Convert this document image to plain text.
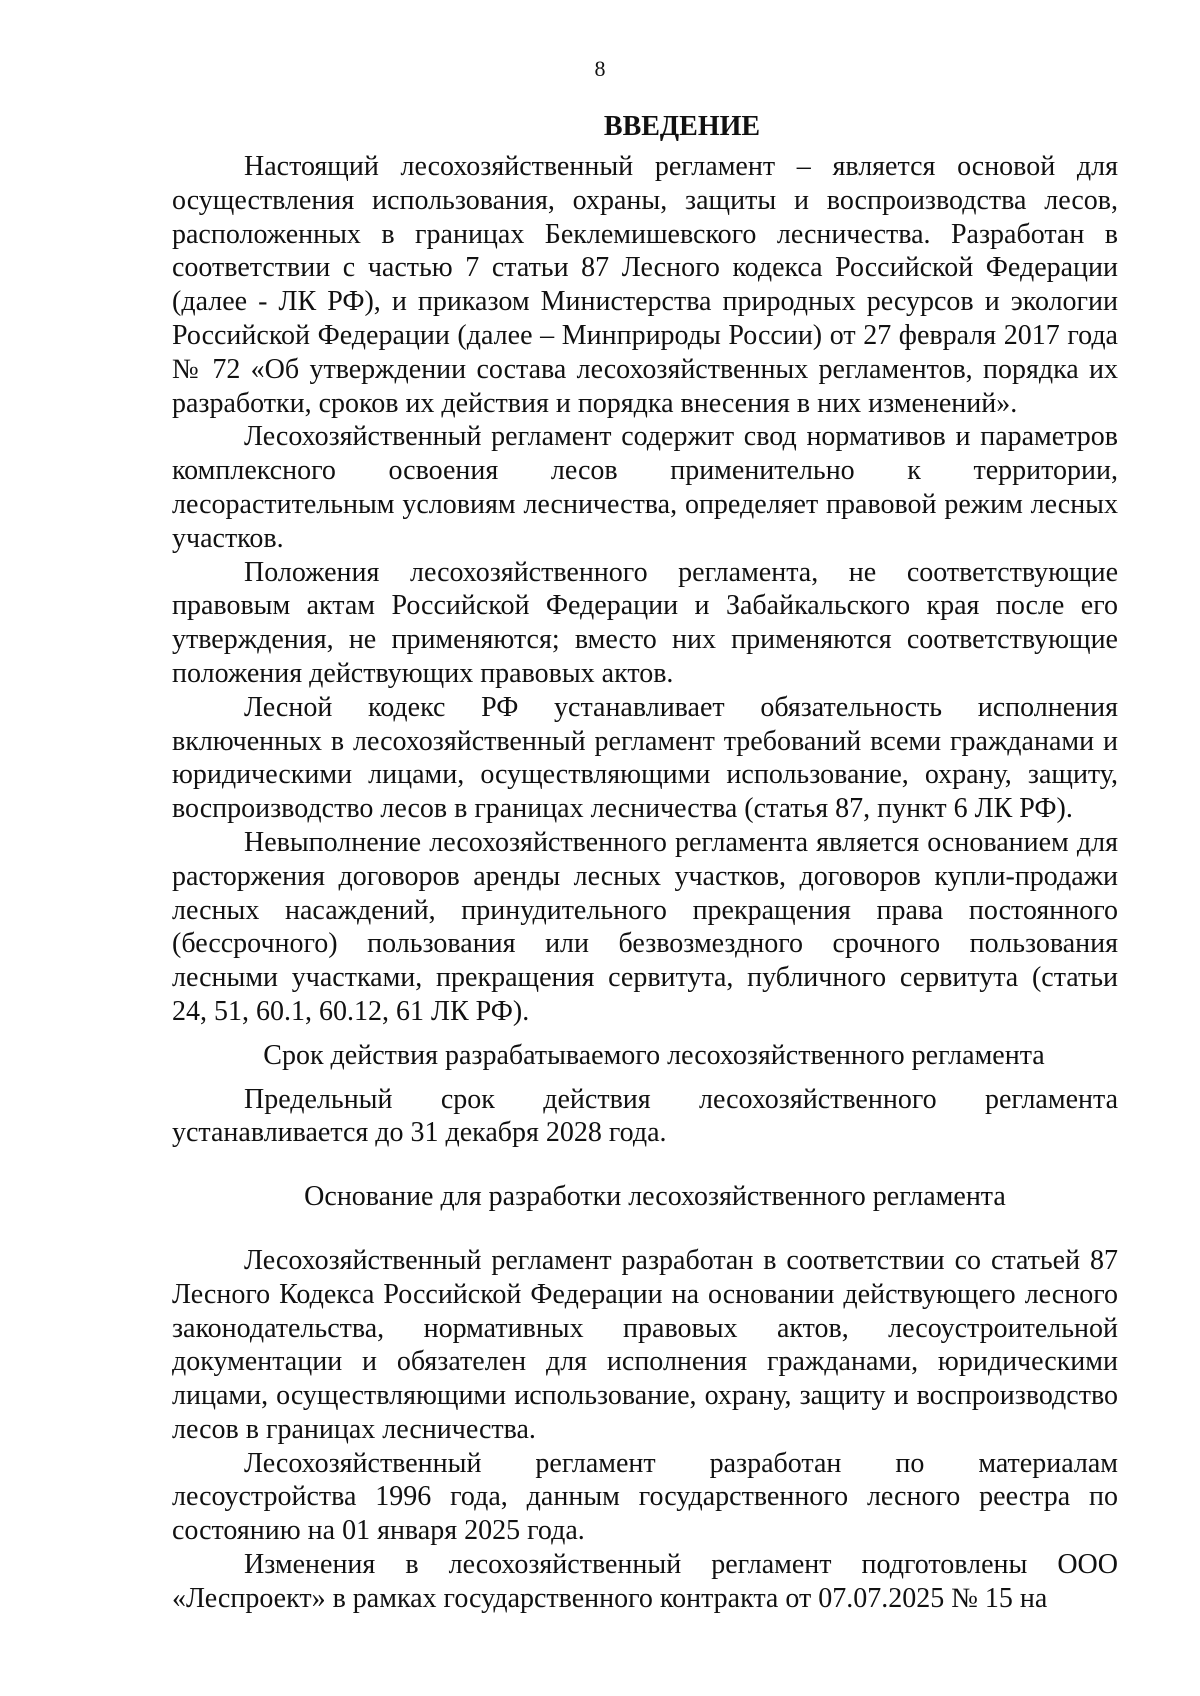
8
ВВЕДЕНИЕ

Настоящий лесохозяйственный регламент – является основой для осуществления использования, охраны, защиты и воспроизводства лесов, расположенных в границах Беклемишевского лесничества. Разработан в соответствии с частью 7 статьи 87 Лесного кодекса Российской Федерации (далее - ЛК РФ), и приказом Министерства природных ресурсов и экологии Российской Федерации (далее – Минприроды России) от 27 февраля 2017 года № 72 «Об утверждении состава лесохозяйственных регламентов, порядка их разработки, сроков их действия и порядка внесения в них изменений».

Лесохозяйственный регламент содержит свод нормативов и параметров комплексного освоения лесов применительно к территории, лесорастительным условиям лесничества, определяет правовой режим лесных участков.

Положения лесохозяйственного регламента, не соответствующие правовым актам Российской Федерации и Забайкальского края после его утверждения, не применяются; вместо них применяются соответствующие положения действующих правовых актов.

Лесной кодекс РФ устанавливает обязательность исполнения включенных в лесохозяйственный регламент требований всеми гражданами и юридическими лицами, осуществляющими использование, охрану, защиту, воспроизводство лесов в границах лесничества (статья 87, пункт 6 ЛК РФ).

Невыполнение лесохозяйственного регламента является основанием для расторжения договоров аренды лесных участков, договоров купли-продажи лесных насаждений, принудительного прекращения права постоянного (бессрочного) пользования или безвозмездного срочного пользования лесными участками, прекращения сервитута, публичного сервитута (статьи 24, 51, 60.1, 60.12, 61 ЛК РФ).

Срок действия разрабатываемого лесохозяйственного регламента

Предельный срок действия лесохозяйственного регламента устанавливается до 31 декабря 2028 года.

Основание для разработки лесохозяйственного регламента

Лесохозяйственный регламент разработан в соответствии со статьей 87 Лесного Кодекса Российской Федерации на основании действующего лесного законодательства, нормативных правовых актов, лесоустроительной документации и обязателен для исполнения гражданами, юридическими лицами, осуществляющими использование, охрану, защиту и воспроизводство лесов в границах лесничества.

Лесохозяйственный регламент разработан по материалам лесоустройства 1996 года, данным государственного лесного реестра по состоянию на 01 января 2025 года.

Изменения в лесохозяйственный регламент подготовлены ООО «Леспроект» в рамках государственного контракта от 07.07.2025 № 15 на
